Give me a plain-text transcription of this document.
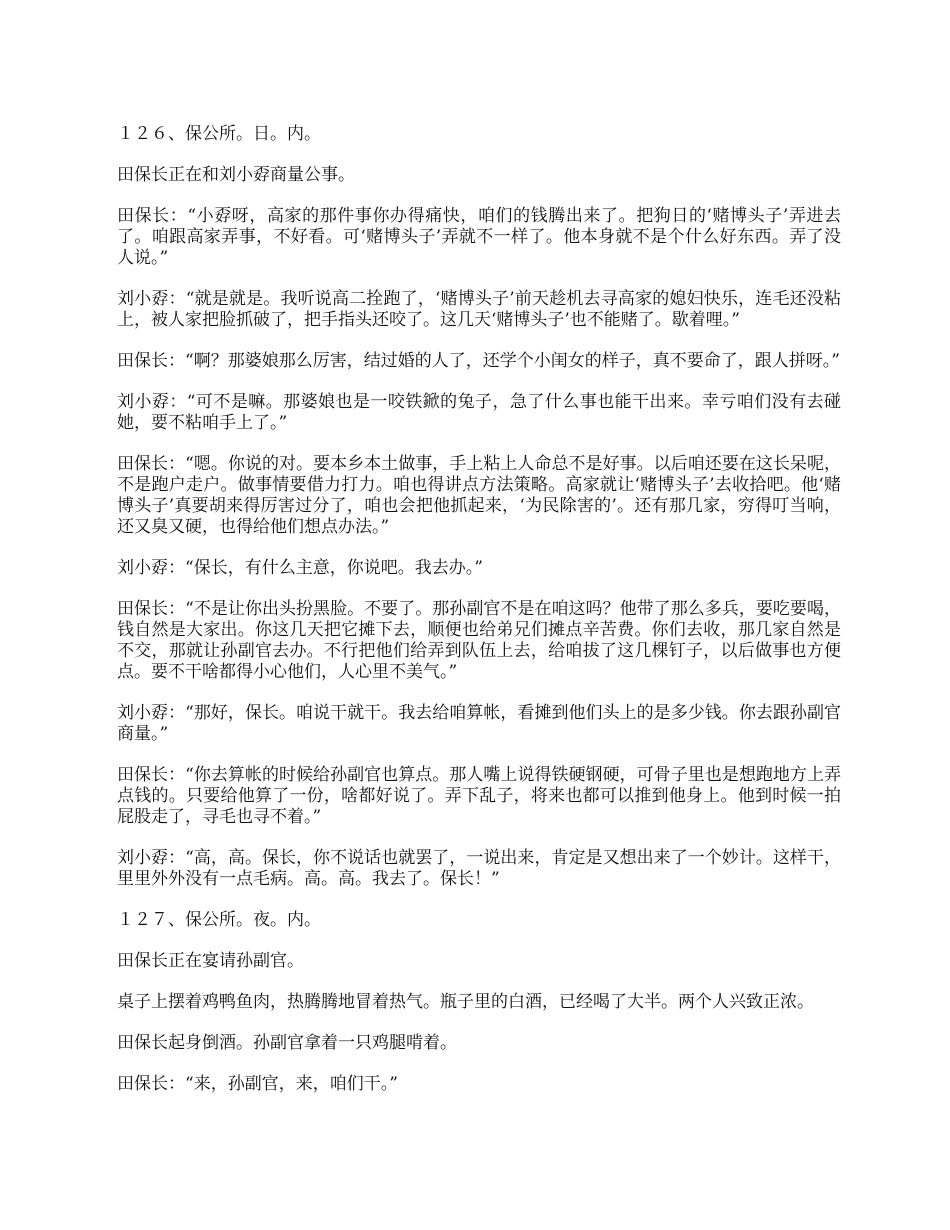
１２６、保公所。日。内。

田保长正在和刘小孬商量公事。

田保长：“小孬呀，高家的那件事你办得痛快，咱们的钱腾出来了。把狗日的‘赌博头子’弄进去了。咱跟高家弄事，不好看。可‘赌博头子’弄就不一样了。他本身就不是个什么好东西。弄了没人说。”

刘小孬：“就是就是。我听说高二拴跑了，‘赌博头子’前天趁机去寻高家的媳妇快乐，连毛还没粘上，被人家把脸抓破了，把手指头还咬了。这几天‘赌博头子’也不能赌了。歇着哩。”

田保长：“啊？那婆娘那么厉害，结过婚的人了，还学个小闺女的样子，真不要命了，跟人拼呀。”

刘小孬：“可不是嘛。那婆娘也是一咬铁鍁的兔子，急了什么事也能干出来。幸亏咱们没有去碰她，要不粘咱手上了。”

田保长：“嗯。你说的对。要本乡本土做事，手上粘上人命总不是好事。以后咱还要在这长呆呢，不是跑户走户。做事情要借力打力。咱也得讲点方法策略。高家就让‘赌博头子’去收拾吧。他‘赌博头子’真要胡来得厉害过分了，咱也会把他抓起来，‘为民除害的’。还有那几家，穷得叮当响，还又臭又硬，也得给他们想点办法。”

刘小孬：“保长，有什么主意，你说吧。我去办。”

田保长：“不是让你出头扮黑脸。不要了。那孙副官不是在咱这吗？他带了那么多兵，要吃要喝，钱自然是大家出。你这几天把它摊下去，顺便也给弟兄们摊点辛苦费。你们去收，那几家自然是不交，那就让孙副官去办。不行把他们给弄到队伍上去，给咱拔了这几棵钉子，以后做事也方便点。要不干啥都得小心他们，人心里不美气。”

刘小孬：“那好，保长。咱说干就干。我去给咱算帐，看摊到他们头上的是多少钱。你去跟孙副官商量。”

田保长：“你去算帐的时候给孙副官也算点。那人嘴上说得铁硬钢硬，可骨子里也是想跑地方上弄点钱的。只要给他算了一份，啥都好说了。弄下乱子，将来也都可以推到他身上。他到时候一拍屁股走了，寻毛也寻不着。”

刘小孬：“高，高。保长，你不说话也就罢了，一说出来，肯定是又想出来了一个妙计。这样干，里里外外没有一点毛病。高。高。我去了。保长！”

１２７、保公所。夜。内。

田保长正在宴请孙副官。

桌子上摆着鸡鸭鱼肉，热腾腾地冒着热气。瓶子里的白酒，已经喝了大半。两个人兴致正浓。

田保长起身倒酒。孙副官拿着一只鸡腿啃着。

田保长：“来，孙副官，来，咱们干。”
